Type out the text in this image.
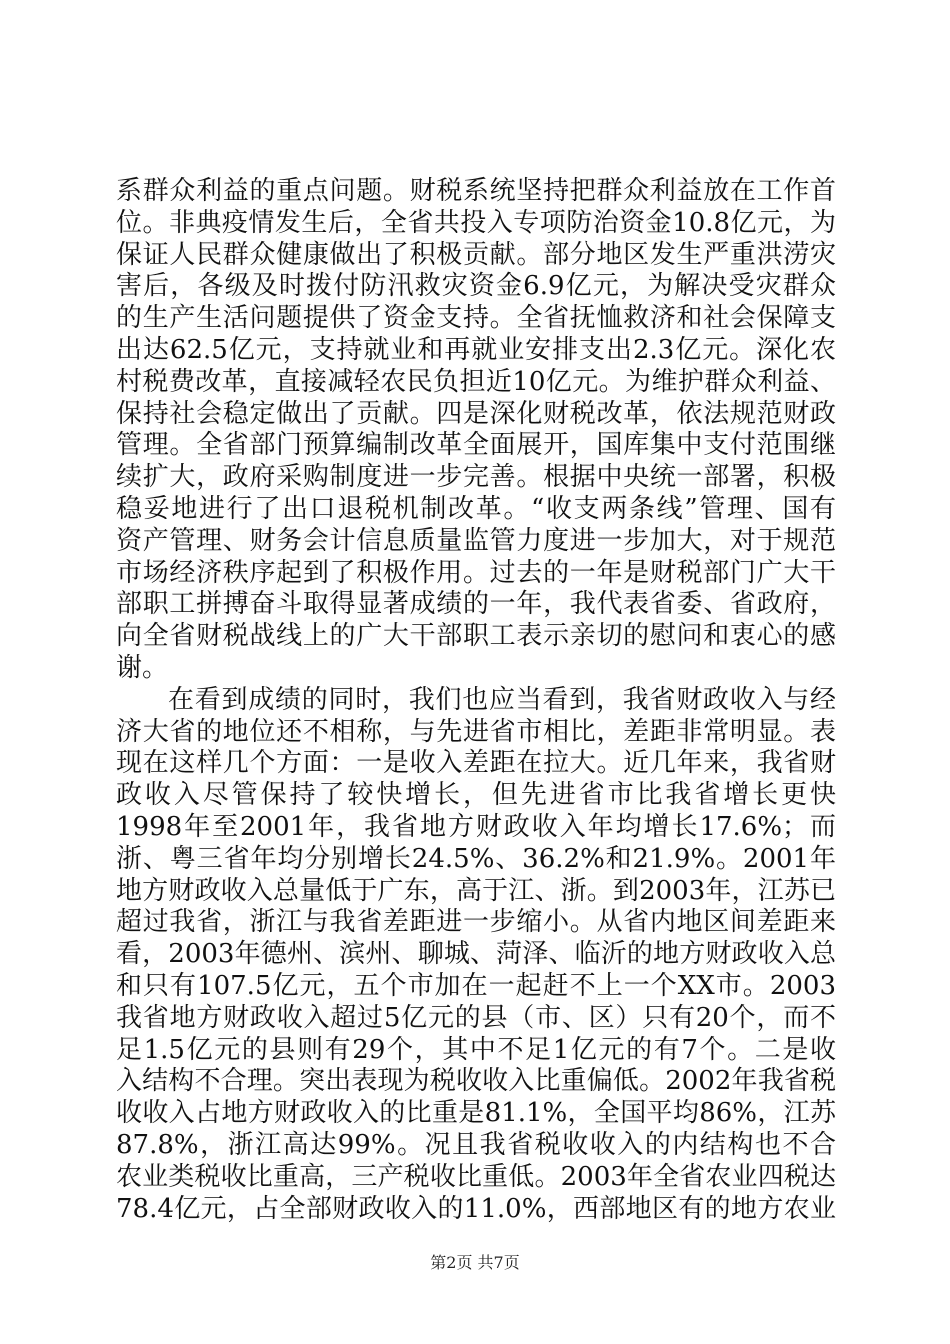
系群众利益的重点问题。财税系统坚持把群众利益放在工作首
位。非典疫情发生后，全省共投入专项防治资金10.8亿元，为
保证人民群众健康做出了积极贡献。部分地区发生严重洪涝灾
害后，各级及时拨付防汛救灾资金6.9亿元，为解决受灾群众
的生产生活问题提供了资金支持。全省抚恤救济和社会保障支
出达62.5亿元，支持就业和再就业安排支出2.3亿元。深化农
村税费改革，直接减轻农民负担近10亿元。为维护群众利益、
保持社会稳定做出了贡献。四是深化财税改革，依法规范财政
管理。全省部门预算编制改革全面展开，国库集中支付范围继
续扩大，政府采购制度进一步完善。根据中央统一部署，积极
稳妥地进行了出口退税机制改革。“收支两条线”管理、国有
资产管理、财务会计信息质量监管力度进一步加大，对于规范
市场经济秩序起到了积极作用。过去的一年是财税部门广大干
部职工拼搏奋斗取得显著成绩的一年，我代表省委、省政府，
向全省财税战线上的广大干部职工表示亲切的慰问和衷心的感
谢。
在看到成绩的同时，我们也应当看到，我省财政收入与经
济大省的地位还不相称，与先进省市相比，差距非常明显。表
现在这样几个方面：一是收入差距在拉大。近几年来，我省财
政收入尽管保持了较快增长，但先进省市比我省增长更快
1998年至2001年，我省地方财政收入年均增长17.6%；而
浙、粤三省年均分别增长24.5%、36.2%和21.9%。2001年
地方财政收入总量低于广东，高于江、浙。到2003年，江苏已
超过我省，浙江与我省差距进一步缩小。从省内地区间差距来
看，2003年德州、滨州、聊城、菏泽、临沂的地方财政收入总
和只有107.5亿元，五个市加在一起赶不上一个XX市。2003
我省地方财政收入超过5亿元的县（市、区）只有20个，而不
足1.5亿元的县则有29个，其中不足1亿元的有7个。二是收
入结构不合理。突出表现为税收收入比重偏低。2002年我省税
收收入占地方财政收入的比重是81.1%，全国平均86%，江苏
87.8%，浙江高达99%。况且我省税收收入的内结构也不合
农业类税收比重高，三产税收比重低。2003年全省农业四税达
78.4亿元，占全部财政收入的11.0%，西部地区有的地方农业
第2页 共7页
